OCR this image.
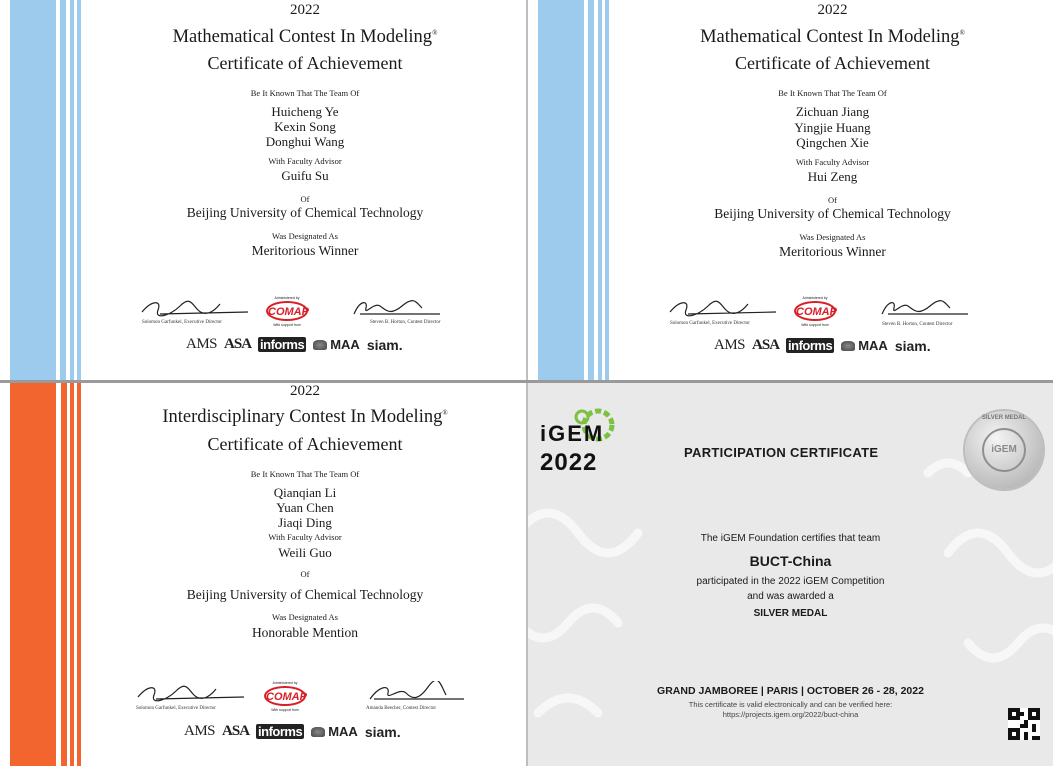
2022
Mathematical Contest In Modeling®
Certificate of Achievement
Be It Known That The Team Of
Huicheng Ye
Kexin Song
Donghui Wang
With Faculty Advisor
Guifu Su
Of
Beijing University of Chemical Technology
Was Designated As
Meritorious Winner
Solomon Garfunkel, Executive Director
Administered by
COMAP
With support from	Steven B. Horton, Contest Director
AMS ASA informs MAA siam.
2022
Mathematical Contest In Modeling®
Certificate of Achievement
Be It Known That The Team Of
Zichuan Jiang
Yingjie Huang
Qingchen Xie
With Faculty Advisor
Hui Zeng
Of
Beijing University of Chemical Technology
Was Designated As
Meritorious Winner
Solomon Garfunkel, Executive Director
Administered by
COMAP
With support from	Steven B. Horton, Contest Director
AMS ASA informs MAA siam.
2022
Interdisciplinary Contest In Modeling®
Certificate of Achievement
Be It Known That The Team Of
Qianqian Li
Yuan Chen
Jiaqi Ding
With Faculty Advisor
Weili Guo
Of
Beijing University of Chemical Technology
Was Designated As
Honorable Mention
Solomon Garfunkel, Executive Director
Administered by
COMAP
With support from	Amanda Beecher, Contest Director
AMS ASA informs MAA siam.
iGEM
2022	PARTICIPATION CERTIFICATE
SILVER MEDAL
iGEM
The iGEM Foundation certifies that team
BUCT-China
participated in the 2022 iGEM Competition
and was awarded a
SILVER MEDAL
GRAND JAMBOREE | PARIS | OCTOBER 26 - 28, 2022
This certificate is valid electronically and can be verified here:
https://projects.igem.org/2022/buct-china
